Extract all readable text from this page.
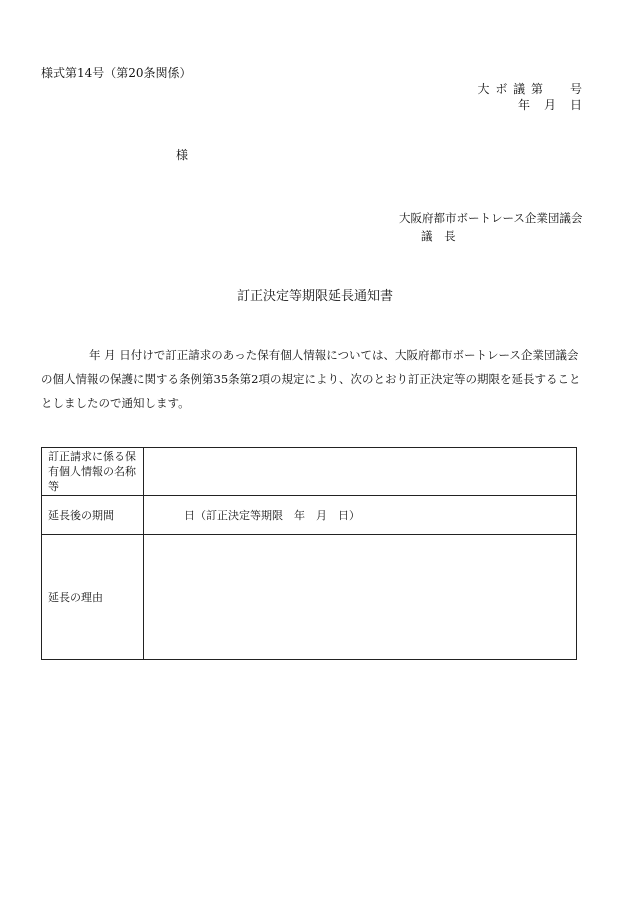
様式第14号（第20条関係）
大 ボ 議 第　　号
年　月　日
様
大阪府都市ボートレース企業団議会
議 長
訂正決定等期限延長通知書

年 月 日付けで訂正請求のあった保有個人情報については、大阪府都市ボートレース企業団議会の個人情報の保護に関する条例第35条第2項の規定により、次のとおり訂正決定等の期限を延長することとしましたので通知します。

訂正請求に係る保有個人情報の名称等	
延長後の期間	日（訂正決定等期限　年　月　日）
延長の理由	
